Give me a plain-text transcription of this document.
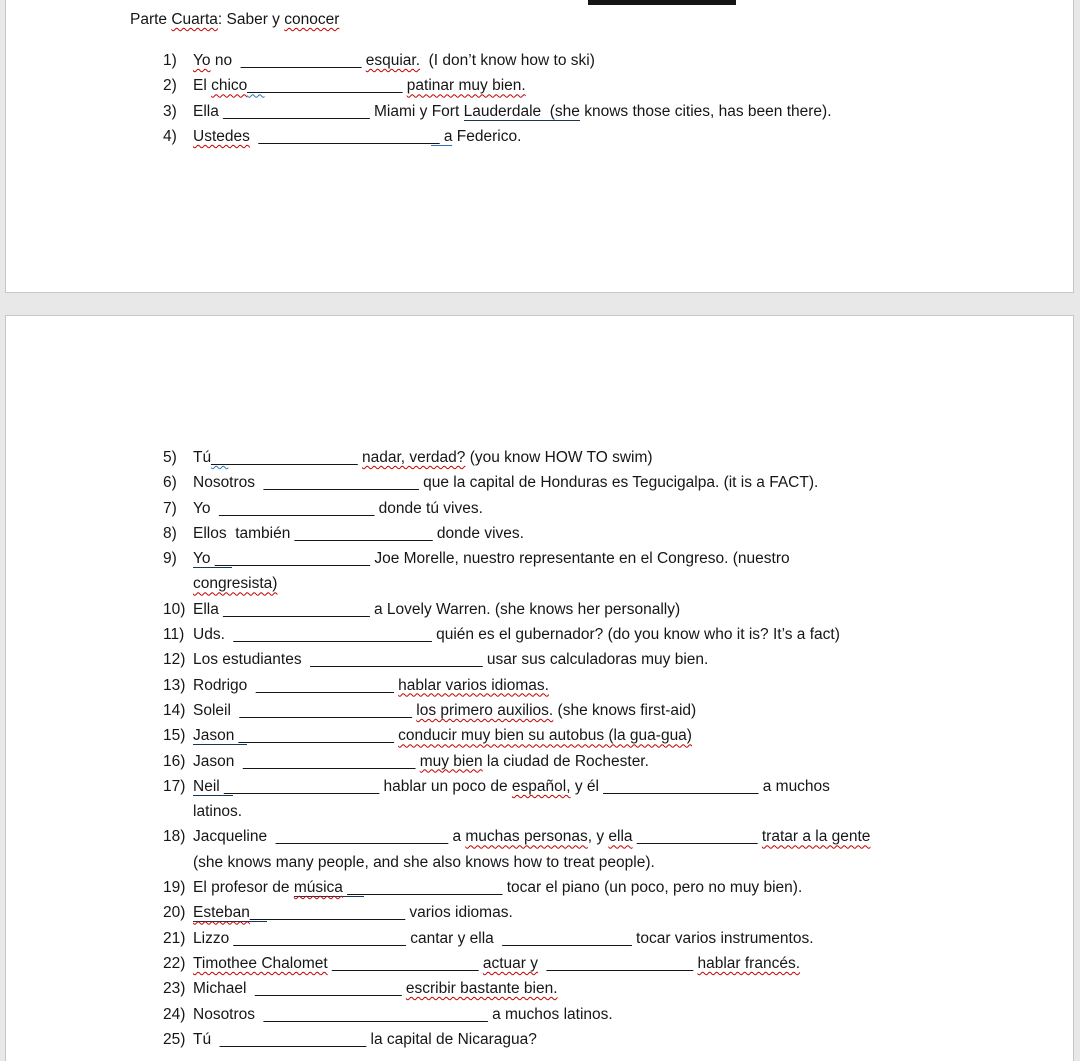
Parte Cuarta: Saber y conocer
1)	Yo no  ______________ esquiar.  (I don’t know how to ski)
2)	El chico__________________ patinar muy bien.
3)	Ella _________________ Miami y Fort Lauderdale  (she knows those cities, has been there).
4)	Ustedes _____________________ a Federico.
5)	Tú_________________ nadar, verdad? (you know HOW TO swim)
6)	Nosotros  __________________ que la capital de Honduras es Tegucigalpa. (it is a FACT).
7)	Yo  __________________ donde tú vives.
8)	Ellos  también ________________ donde vives.
9)	Yo __________________ Joe Morelle, nuestro representante en el Congreso. (nuestro
congresista)
10) Ella _________________ a Lovely Warren. (she knows her personally)
11) Uds.  _______________________ quién es el gubernador? (do you know who it is? It’s a fact)
12) Los estudiantes  ____________________ usar sus calculadoras muy bien.
13) Rodrigo  ________________ hablar varios idiomas.
14) Soleil  ____________________ los primero auxilios. (she knows first-aid)
15) Jason __________________ conducir muy bien su autobus (la gua-gua)
16) Jason  ____________________ muy bien la ciudad de Rochester.
17) Neil __________________ hablar un poco de español, y él __________________ a muchos
latinos.
18) Jacqueline  ____________________ a muchas personas, y ella ______________ tratar a la gente
(she knows many people, and she also knows how to treat people).
19) El profesor de música __________________ tocar el piano (un poco, pero no muy bien).
20) Esteban__________________ varios idiomas.
21) Lizzo ____________________ cantar y ella  _______________ tocar varios instrumentos.
22) Timothee Chalomet _________________ actuar y _________________ hablar francés.
23) Michael  _________________ escribir bastante bien.
24) Nosotros  __________________________ a muchos latinos.
25) Tú  _________________ la capital de Nicaragua?
